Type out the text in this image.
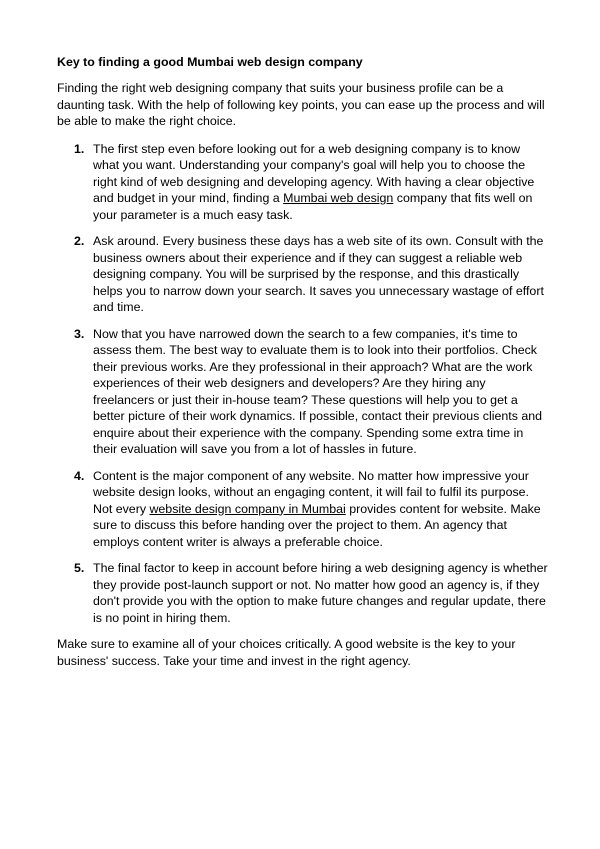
Key to finding a good Mumbai web design company

Finding the right web designing company that suits your business profile can be a daunting task. With the help of following key points, you can ease up the process and will be able to make the right choice.

1. The first step even before looking out for a web designing company is to know what you want. Understanding your company's goal will help you to choose the right kind of web designing and developing agency. With having a clear objective and budget in your mind, finding a Mumbai web design company that fits well on your parameter is a much easy task.
2. Ask around. Every business these days has a web site of its own. Consult with the business owners about their experience and if they can suggest a reliable web designing company. You will be surprised by the response, and this drastically helps you to narrow down your search. It saves you unnecessary wastage of effort and time.
3. Now that you have narrowed down the search to a few companies, it's time to assess them. The best way to evaluate them is to look into their portfolios. Check their previous works. Are they professional in their approach? What are the work experiences of their web designers and developers? Are they hiring any freelancers or just their in-house team? These questions will help you to get a better picture of their work dynamics. If possible, contact their previous clients and enquire about their experience with the company. Spending some extra time in their evaluation will save you from a lot of hassles in future.
4. Content is the major component of any website. No matter how impressive your website design looks, without an engaging content, it will fail to fulfil its purpose. Not every website design company in Mumbai provides content for website. Make sure to discuss this before handing over the project to them. An agency that employs content writer is always a preferable choice.
5. The final factor to keep in account before hiring a web designing agency is whether they provide post-launch support or not. No matter how good an agency is, if they don't provide you with the option to make future changes and regular update, there is no point in hiring them.

Make sure to examine all of your choices critically. A good website is the key to your business' success. Take your time and invest in the right agency.
